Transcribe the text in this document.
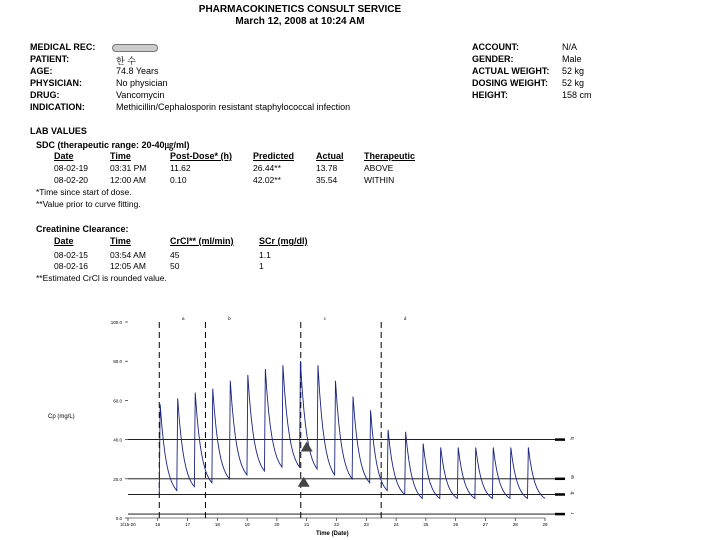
PHARMACOKINETICS CONSULT SERVICE
March 12, 2008 at 10:24 AM
MEDICAL REC:
PATIENT:	한 수
AGE:	74.8 Years
PHYSICIAN:	No physician
DRUG:	Vancomycin
INDICATION:	Methicillin/Cephalosporin resistant staphylococcal infection
ACCOUNT:	N/A
GENDER:	Male
ACTUAL WEIGHT: 52 kg
DOSING WEIGHT: 52 kg
HEIGHT:	158 cm
LAB VALUES
SDC (therapeutic range: 20-40㎍/ml)
Date	Time	Post-Dose* (h) Predicted Actual Therapeutic
08-02-19	03:31 PM	11.62	26.44**	13.78	ABOVE
08-02-20	12:00 AM	0.10	42.02**	35.54	WITHIN
*Time since start of dose.
**Value prior to curve fitting.
Creatinine Clearance:
Date	Time	CrCl** (ml/min)	SCr (mg/dl)
08-02-15	03:54 AM	45	1.1
08-02-16	12:05 AM	50	1
**Estimated CrCl is rounded value.
Cp (mg/L)
Time (Date)
0.0
20.0
40.0
60.0
80.0
100.0
2/15-20	16	17	18	19	20	21	22	23	24	25	26	27	28	29
a	b	c	d
h
w
tr
r
